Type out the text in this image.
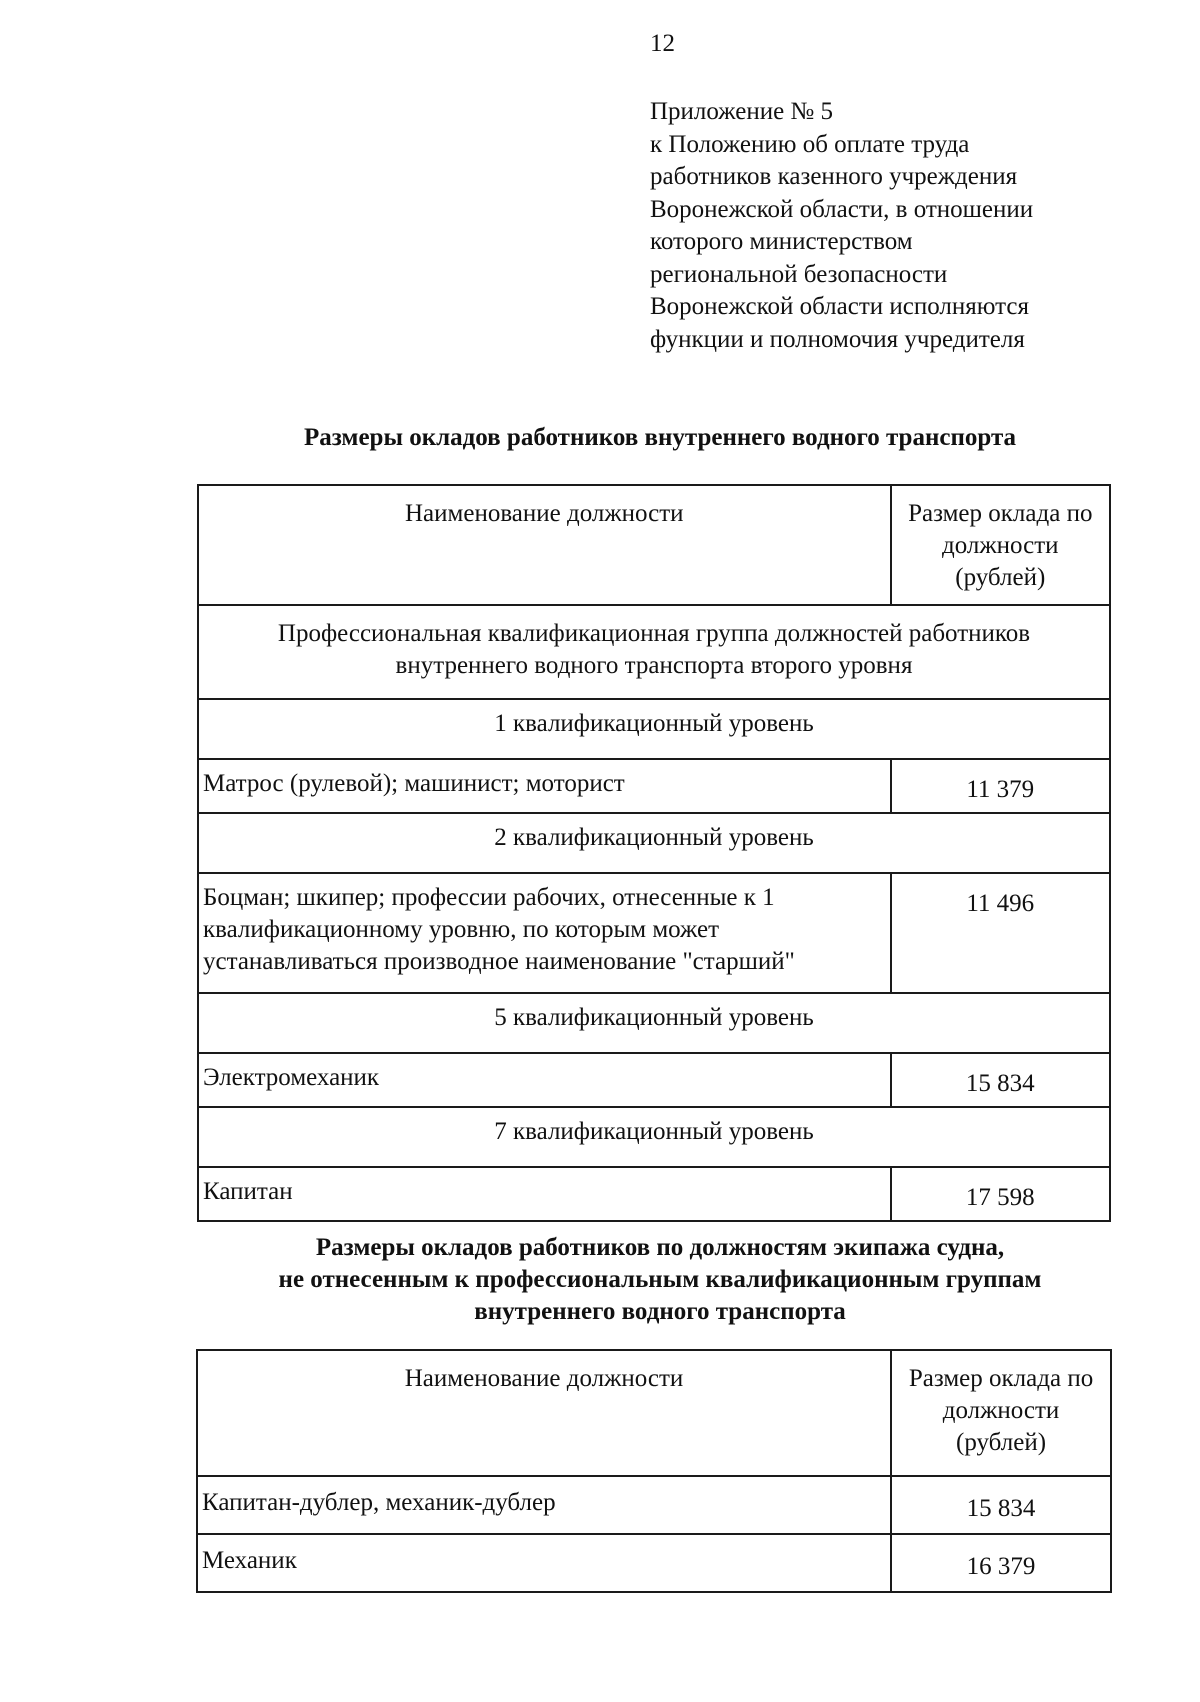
12
Приложение № 5
к Положению об оплате труда
работников казенного учреждения
Воронежской области, в отношении
которого министерством
региональной безопасности
Воронежской области исполняются
функции и полномочия учредителя
Размеры окладов работников внутреннего водного транспорта
Наименование должности	Размер оклада по
должности
(рублей)

Профессиональная квалификационная группа должностей работников
внутреннего водного транспорта второго уровня	

1 квалификационный уровень	
Матрос (рулевой); машинист; моторист	11 379
2 квалификационный уровень	

Боцман; шкипер; профессии рабочих, отнесенные к 1
квалификационному уровню, по которым может
устанавливаться производное наименование "старший"	11 496
5 квалификационный уровень	
Электромеханик	15 834
7 квалификационный уровень	
Капитан	17 598
Размеры окладов работников по должностям экипажа судна,
не отнесенным к профессиональным квалификационным группам
внутреннего водного транспорта
Наименование должности	Размер оклада по
должности
(рублей)

Капитан-дублер, механик-дублер	15 834
Механик	16 379
